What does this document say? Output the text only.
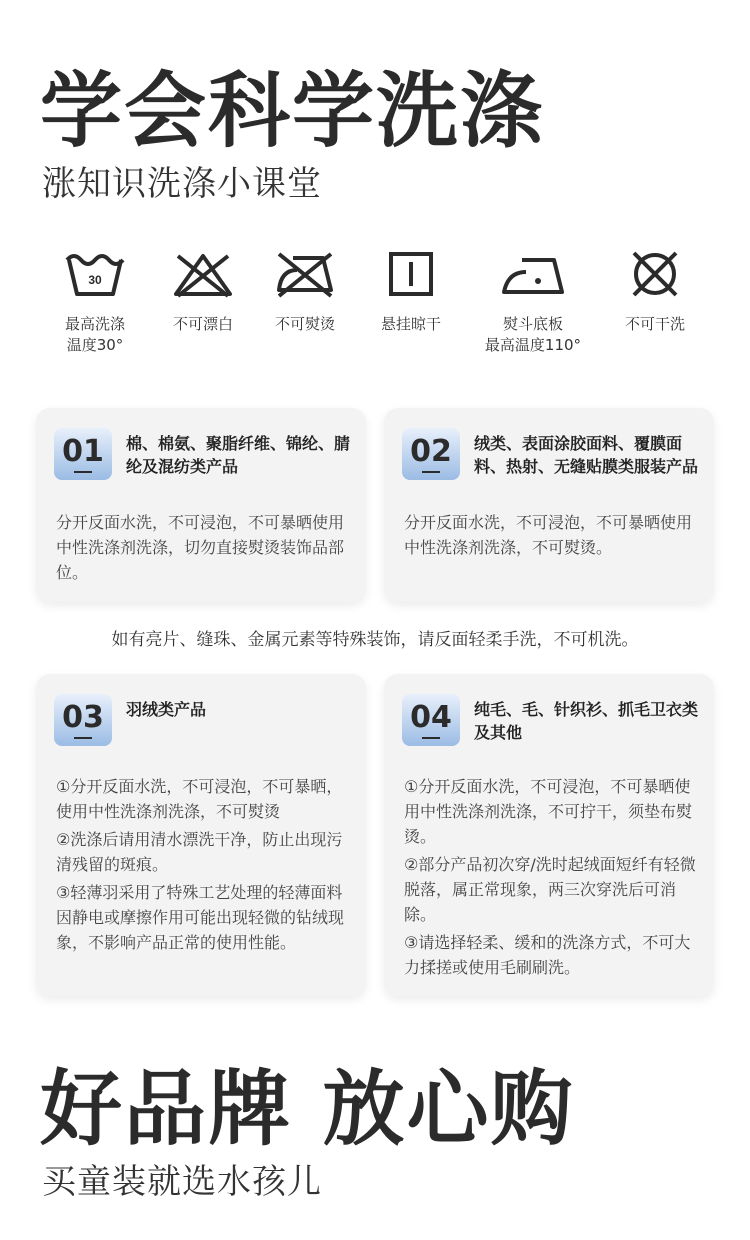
学会科学洗涤
涨知识洗涤小课堂
30
最高洗涤
温度30°
不可漂白	不可熨烫	悬挂晾干	熨斗底板
最高温度110°
不可干洗
01	棉、棉氨、聚脂纤维、锦纶、腈纶及混纺类产品

分开反面水洗，不可浸泡，不可暴晒使用中性洗涤剂洗涤，切勿直接熨烫装饰品部位。

02	绒类、表面涂胶面料、覆膜面料、热射、无缝贴膜类服装产品

分开反面水洗，不可浸泡，不可暴晒使用中性洗涤剂洗涤，不可熨烫。

如有亮片、缝珠、金属元素等特殊装饰，请反面轻柔手洗，不可机洗。
03	羽绒类产品

①分开反面水洗，不可浸泡，不可暴晒，使用中性洗涤剂洗涤，不可熨烫

②洗涤后请用清水漂洗干净，防止出现污清残留的斑痕。

③轻薄羽采用了特殊工艺处理的轻薄面料因静电或摩擦作用可能出现轻微的钻绒现象，不影响产品正常的使用性能。

04	纯毛、毛、针织衫、抓毛卫衣类及其他

①分开反面水洗，不可浸泡，不可暴晒使用中性洗涤剂洗涤，不可拧干，须垫布熨烫。

②部分产品初次穿/洗时起绒面短纤有轻微脱落，属正常现象，两三次穿洗后可消除。

③请选择轻柔、缓和的洗涤方式，不可大力揉搓或使用毛刷刷洗。

好品牌 放心购
买童装就选水孩儿
